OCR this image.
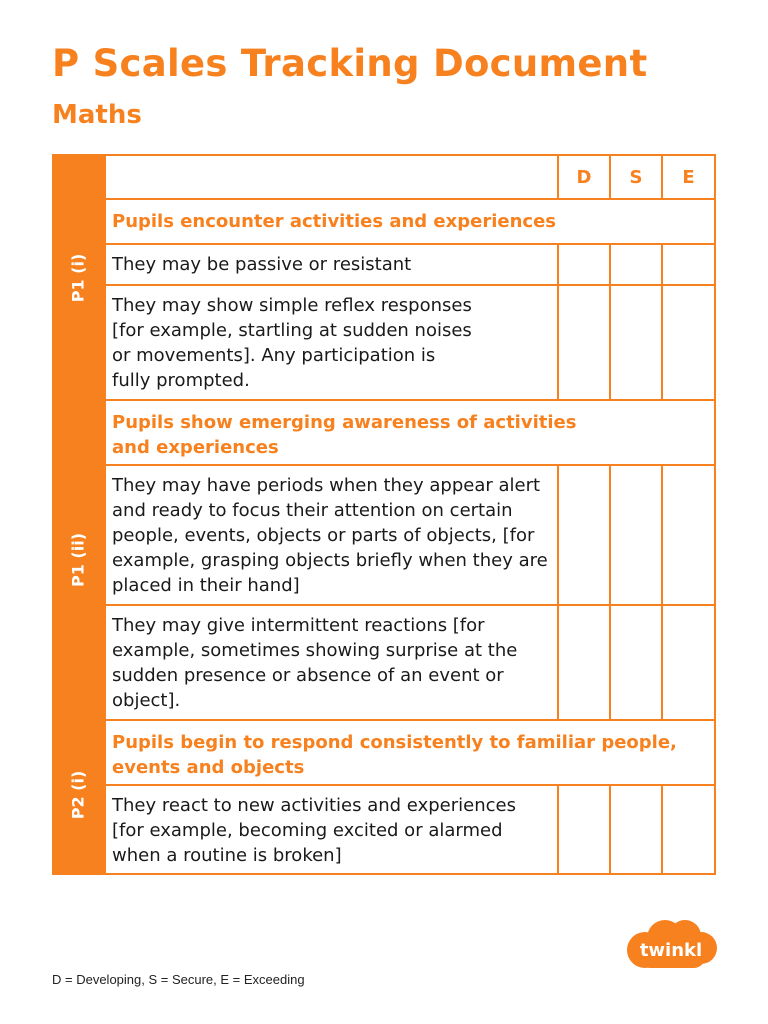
P Scales Tracking Document
Maths
P1 (i)
P1 (ii)
P2 (i)
D	S	E
Pupils encounter activities and experiences
They may be passive or resistant
They may show simple reflex responses [for example, startling at sudden noises or movements]. Any participation is fully prompted.
Pupils show emerging awareness of activities and experiences
They may have periods when they appear alert and ready to focus their attention on certain people, events, objects or parts of objects, [for example, grasping objects briefly when they are placed in their hand]
They may give intermittent reactions [for example, sometimes showing surprise at the sudden presence or absence of an event or object].
Pupils begin to respond consistently to familiar people, events and objects
They react to new activities and experiences [for example, becoming excited or alarmed when a routine is broken]
D = Developing, S = Secure, E = Exceeding
twinkl
